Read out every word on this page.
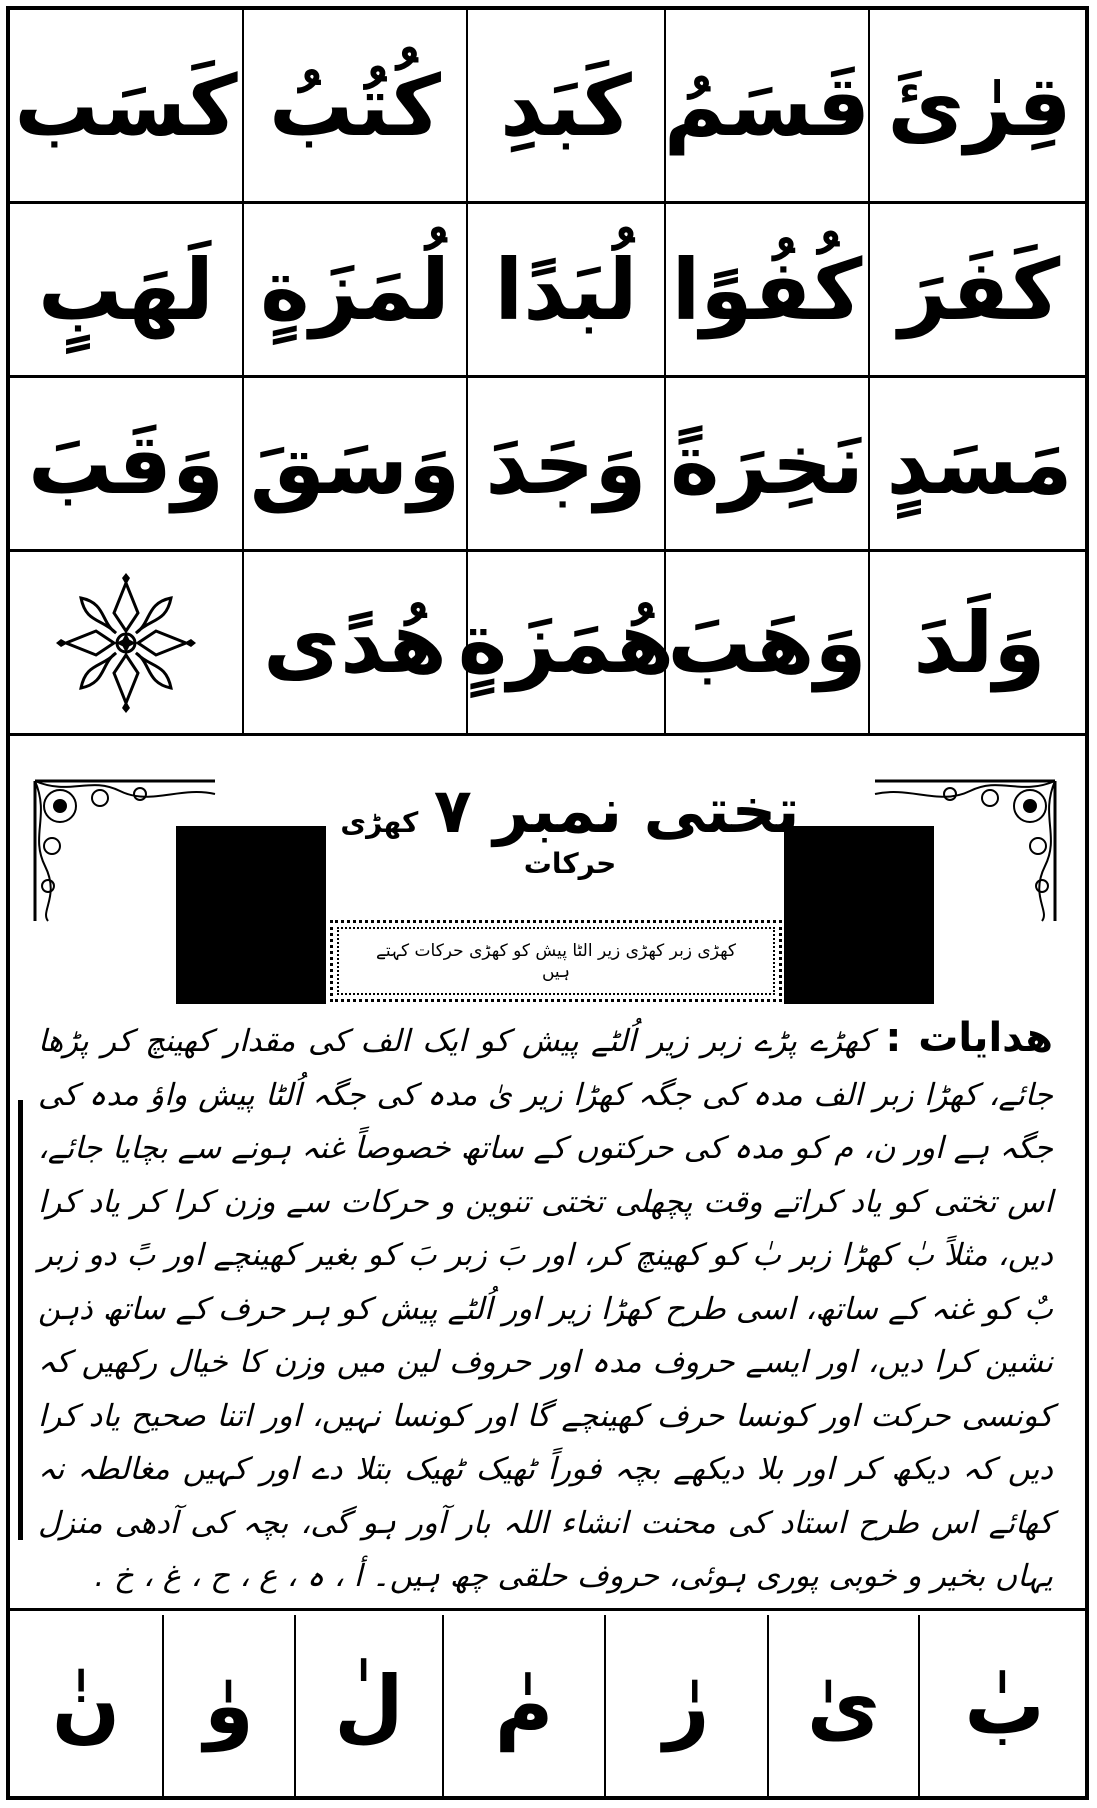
قِرٰئَ
قَسَمُ
كَبَدِ
كُتُبُ
كَسَب
كَفَرَ
كُفُوًا
لُبَدًا
لُمَزَةٍ
لَهَبٍ
مَسَدٍ
نَخِرَةً
وَجَدَ
وَسَقَ
وَقَبَ
وَلَدَ
وَهَبَ
هُمَزَةٍ
هُدًى
تختی نمبر ۷ کھڑی حرکات
کھڑی زبر کھڑی زیر الٹا پیش کو کھڑی حرکات کہتے ہیں
ھدایات : کھڑے پڑے زبر زیر اُلٹے پیش کو ایک الف کی مقدار کھینچ کر پڑھا جائے، کھڑا زبر الف مدہ کی جگہ کھڑا زیر یٰ مدہ کی جگہ اُلٹا پیش واؤ مدہ کی جگہ ہے اور ن، م کو مدہ کی حرکتوں کے ساتھ خصوصاً غنہ ہونے سے بچایا جائے، اس تختی کو یاد کراتے وقت پچھلی تختی تنوین و حرکات سے وزن کرا کر یاد کرا دیں، مثلاً بٰ کھڑا زبر بٰ کو کھینچ کر، اور بَ زبر بَ کو بغیر کھینچے اور بً دو زبر بٌ کو غنہ کے ساتھ، اسی طرح کھڑا زیر اور اُلٹے پیش کو ہر حرف کے ساتھ ذہن نشین کرا دیں، اور ایسے حروف مدہ اور حروف لین میں وزن کا خیال رکھیں کہ کونسی حرکت اور کونسا حرف کھینچے گا اور کونسا نہیں، اور اتنا صحیح یاد کرا دیں کہ دیکھ کر اور بلا دیکھے بچہ فوراً ٹھیک ٹھیک بتلا دے اور کہیں مغالطہ نہ کھائے اس طرح استاد کی محنت انشاء اللہ بار آور ہو گی، بچہ کی آدھی منزل یہاں بخیر و خوبی پوری ہوئی، حروف حلقی چھ ہیں۔ أ ، ہ ، ع ، ح ، غ ، خ .
بٰ
یٰ
رٰ
مٰ
لٰ
وٰ
نٰ
